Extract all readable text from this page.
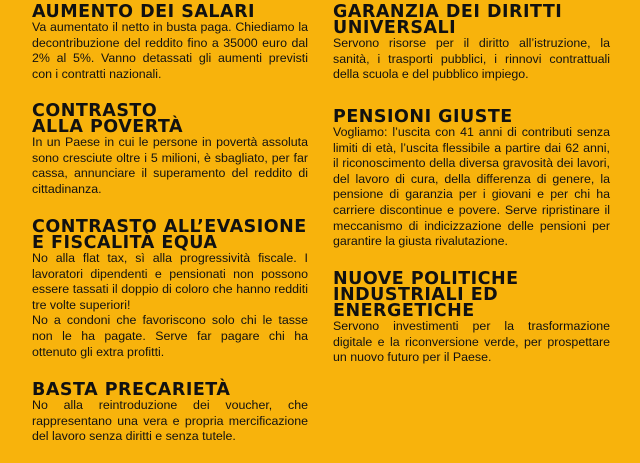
AUMENTO DEI SALARI

Va aumentato il netto in busta paga. Chiediamo la decontribuzione del reddito fino a 35000 euro dal 2% al 5%. Vanno detassati gli aumenti previsti con i contratti nazionali.

CONTRASTO ALLA POVERTÀ

In un Paese in cui le persone in povertà assoluta sono cresciute oltre i 5 milioni, è sbagliato, per far cassa, annunciare il superamento del reddito di cittadinanza.

CONTRASTO ALL’EVASIONE E FISCALITÀ EQUA

No alla flat tax, sì alla progressività fiscale. I lavoratori dipendenti e pensionati non possono essere tassati il doppio di coloro che hanno redditi tre volte superiori!

No a condoni che favoriscono solo chi le tasse non le ha pagate. Serve far pagare chi ha ottenuto gli extra profitti.

BASTA PRECARIETÀ

No alla reintroduzione dei voucher, che rappresentano una vera e propria mercificazione del lavoro senza diritti e senza tutele.

GARANZIA DEI DIRITTI UNIVERSALI

Servono risorse per il diritto all’istruzione, la sanità, i trasporti pubblici, i rinnovi contrattuali della scuola e del pubblico impiego.

PENSIONI GIUSTE

Vogliamo: l’uscita con 41 anni di contributi senza limiti di età, l’uscita flessibile a partire dai 62 anni, il riconoscimento della diversa gravosità dei lavori, del lavoro di cura, della differenza di genere, la pensione di garanzia per i giovani e per chi ha carriere discontinue e povere. Serve ripristinare il meccanismo di indicizzazione delle pensioni per garantire la giusta rivalutazione.

NUOVE POLITICHE INDUSTRIALI ED ENERGETICHE

Servono investimenti per la trasformazione digitale e la riconversione verde, per prospettare un nuovo futuro per il Paese.
